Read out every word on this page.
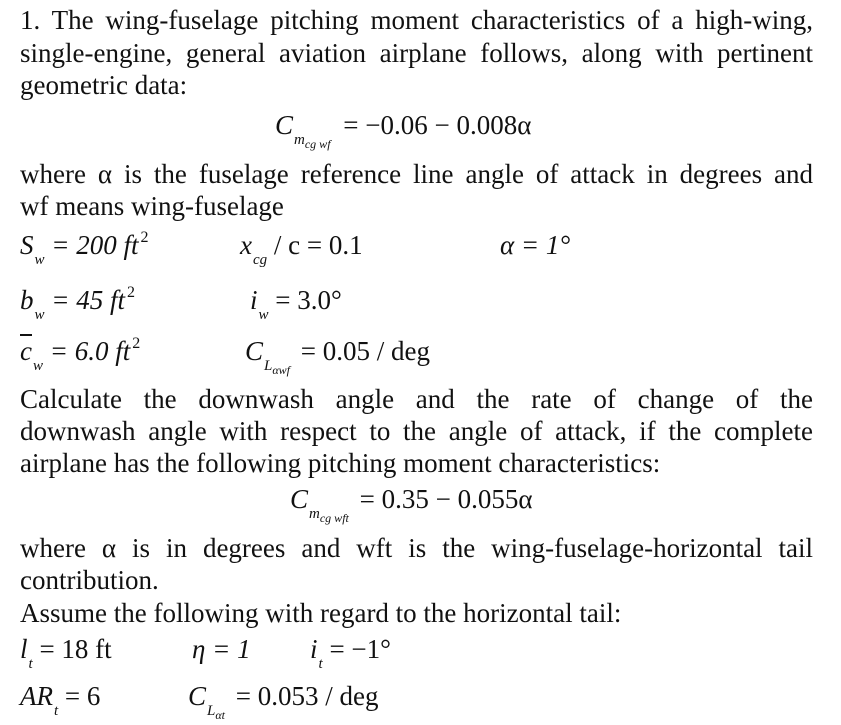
1. The wing-fuselage pitching moment characteristics of a high-wing,
single-engine, general aviation airplane follows, along with pertinent
geometric data:
$C_{m_{cg wf}} = -0.06 - 0.008\alpha$
where α is the fuselage reference line angle of attack in degrees and
wf means wing-fuselage
$S_w = 200$ ft $^2$	$x_{cg} / c = 0.1$	α = 1°
$b_w = 45$ ft $^2$	$i_w = 3.0^\circ$
$\overline{c}_w = 6.0$ ft $^2$	$C_{L_{\alpha wf}} = 0.05$ / deg
Calculate the downwash angle and the rate of change of the
downwash angle with respect to the angle of attack, if the complete
airplane has the following pitching moment characteristics:
$C_{m_{cg wft}} = 0.35 - 0.055\alpha$
where α is in degrees and wft is the wing-fuselage-horizontal tail
contribution.
Assume the following with regard to the horizontal tail:
$l_t = 18$ ft	η = 1 $i_t = -1^\circ$
$AR_t = 6$	$C_{L_{\alpha t}} = 0.053$ / deg
